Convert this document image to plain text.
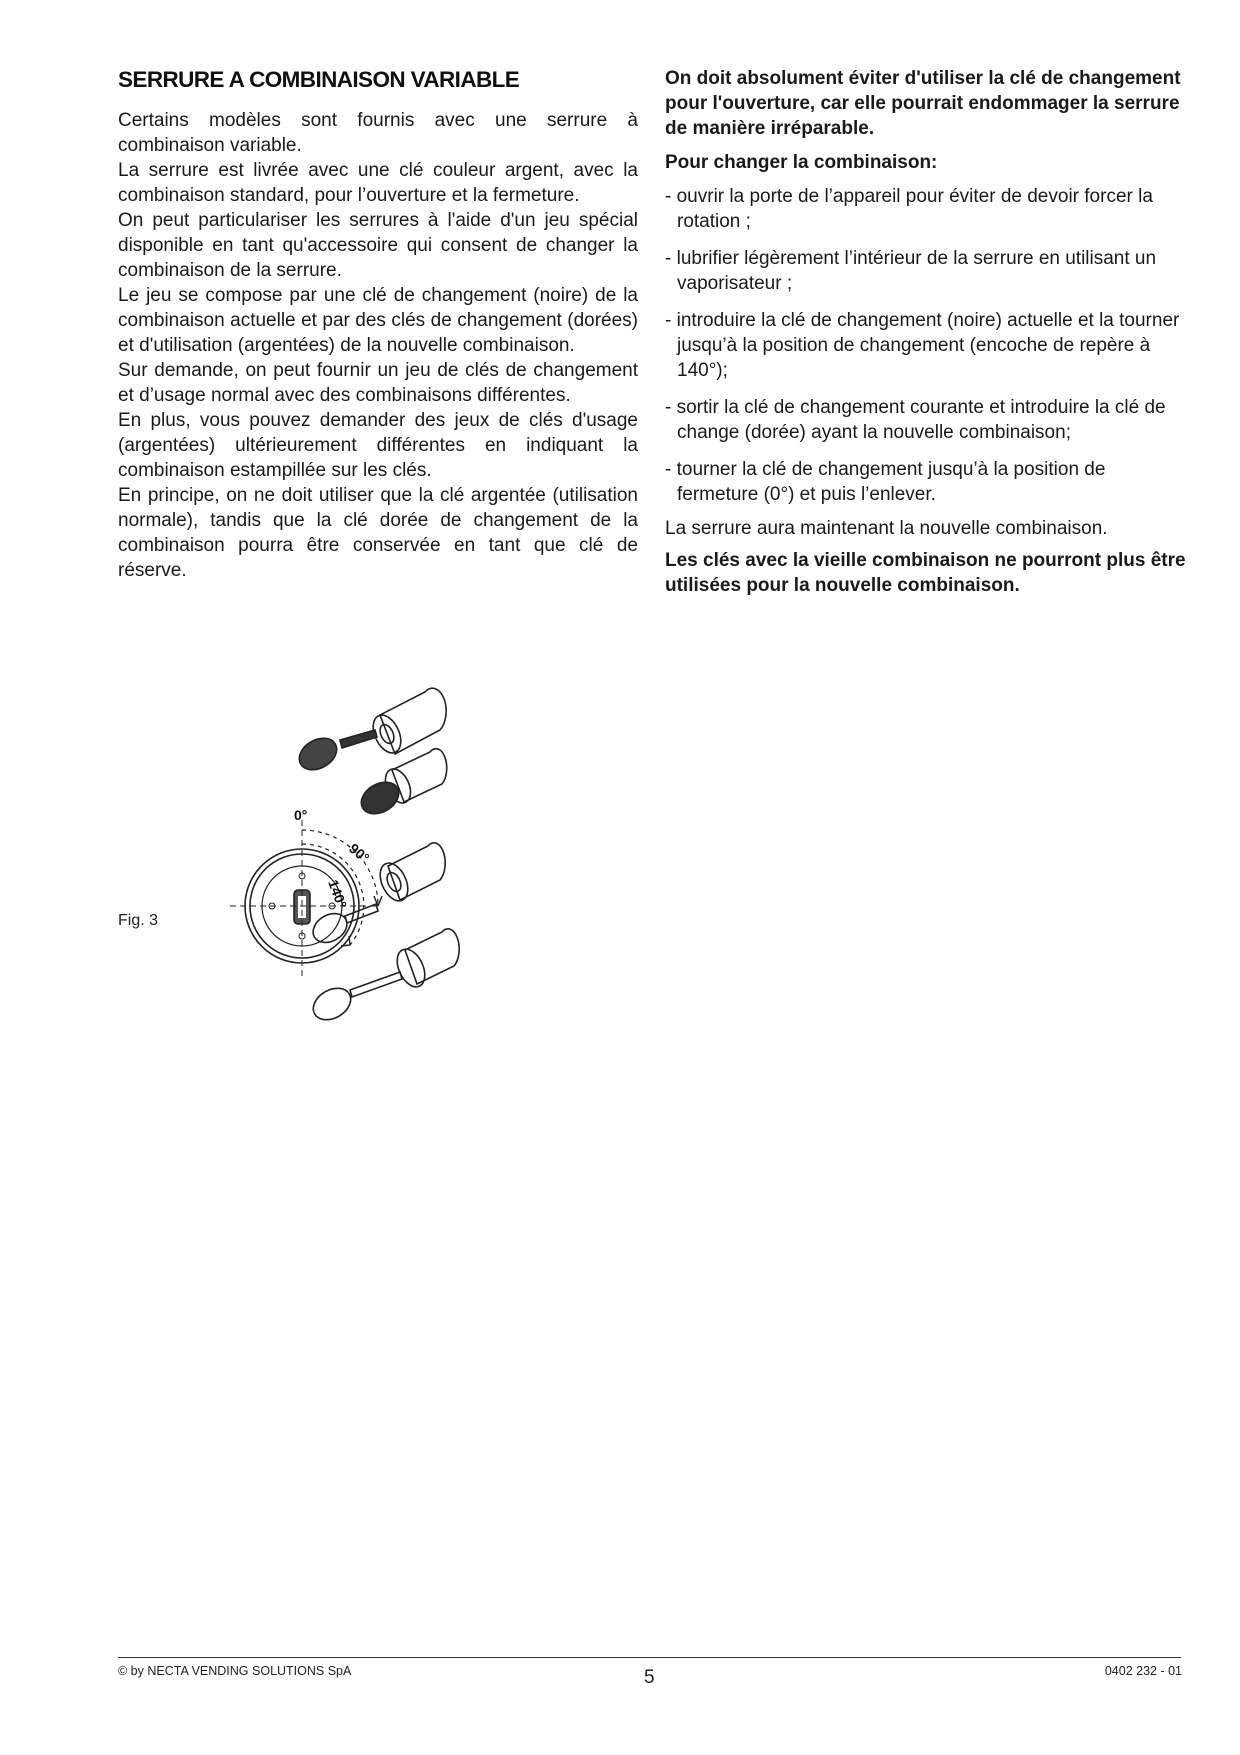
SERRURE A COMBINAISON VARIABLE

Certains modèles sont fournis avec une serrure à combinaison variable.

La serrure est livrée avec une clé couleur argent, avec la combinaison standard, pour l’ouverture et la fermeture.

On peut particulariser les serrures à l'aide d'un jeu spécial disponible en tant qu'accessoire qui consent de changer la combinaison de la serrure.

Le jeu se compose par une clé de changement (noire) de la combinaison actuelle et par des clés de changement (dorées) et d'utilisation (argentées) de la nouvelle combinaison.

Sur demande, on peut fournir un jeu de clés de changement et d’usage normal avec des combinaisons différentes.

En plus, vous pouvez demander des jeux de clés d'usage (argentées) ultérieurement différentes en indiquant la combinaison estampillée sur les clés.

En principe, on ne doit utiliser que la clé argentée (utilisation normale), tandis que la clé dorée de changement de la combinaison pourra être conservée en tant que clé de réserve.

On doit absolument éviter d'utiliser la clé de changement pour l'ouverture, car elle pourrait endommager la serrure de manière irréparable.

Pour changer la combinaison:

- ouvrir la porte de l’appareil pour éviter de devoir forcer la rotation ;
- lubrifier légèrement l’intérieur de la serrure en utilisant un vaporisateur ;
- introduire la clé de changement (noire) actuelle et la tourner jusqu’à la position de changement (encoche de repère à 140°);
- sortir la clé de changement courante et introduire la clé de change (dorée) ayant la nouvelle combinaison;
- tourner la clé de changement jusqu’à la position de fermeture (0°) et puis l’enlever.

La serrure aura maintenant la nouvelle combinaison.

Les clés avec la vieille combinaison ne pourront plus être utilisées pour la nouvelle combinaison.

Fig. 3
0°
90°
140°
© by NECTA VENDING SOLUTIONS SpA	5	0402 232 - 01
